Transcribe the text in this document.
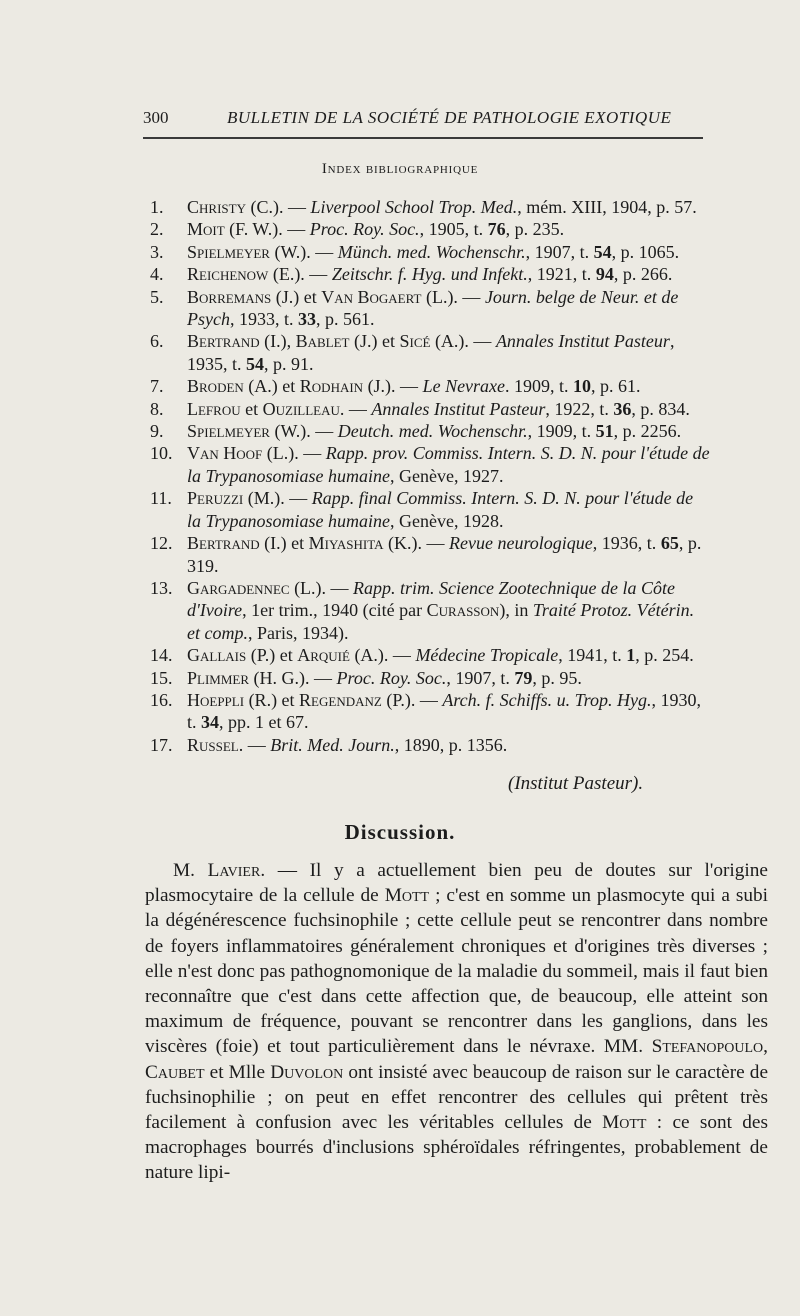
300	BULLETIN DE LA SOCIÉTÉ DE PATHOLOGIE EXOTIQUE
Index bibliographique
1.	Christy (C.). — Liverpool School Trop. Med., mém. XIII, 1904, p. 57.
2.	Moit (F. W.). — Proc. Roy. Soc., 1905, t. 76, p. 235.
3.	Spielmeyer (W.). — Münch. med. Wochenschr., 1907, t. 54, p. 1065.
4.	Reichenow (E.). — Zeitschr. f. Hyg. und Infekt., 1921, t. 94, p. 266.
5.	Borremans (J.) et Van Bogaert (L.). — Journ. belge de Neur. et de Psych, 1933, t. 33, p. 561.
6.	Bertrand (I.), Bablet (J.) et Sicé (A.). — Annales Institut Pasteur, 1935, t. 54, p. 91.
7.	Broden (A.) et Rodhain (J.). — Le Nevraxe. 1909, t. 10, p. 61.
8.	Lefrou et Ouzilleau. — Annales Institut Pasteur, 1922, t. 36, p. 834.
9.	Spielmeyer (W.). — Deutch. med. Wochenschr., 1909, t. 51, p. 2256.
10. Van Hoof (L.). — Rapp. prov. Commiss. Intern. S. D. N. pour l'étude de la Trypanosomiase humaine, Genève, 1927.
11. Peruzzi (M.). — Rapp. final Commiss. Intern. S. D. N. pour l'étude de la Trypanosomiase humaine, Genève, 1928.
12. Bertrand (I.) et Miyashita (K.). — Revue neurologique, 1936, t. 65, p. 319.
13. Gargadennec (L.). — Rapp. trim. Science Zootechnique de la Côte d'Ivoire, 1er trim., 1940 (cité par Curasson), in Traité Protoz. Vétérin. et comp., Paris, 1934).
14. Gallais (P.) et Arquié (A.). — Médecine Tropicale, 1941, t. 1, p. 254.
15. Plimmer (H. G.). — Proc. Roy. Soc., 1907, t. 79, p. 95.
16. Hoeppli (R.) et Regendanz (P.). — Arch. f. Schiffs. u. Trop. Hyg., 1930, t. 34, pp. 1 et 67.
17. Russel. — Brit. Med. Journ., 1890, p. 1356.
(Institut Pasteur).
Discussion.

M. Lavier. — Il y a actuellement bien peu de doutes sur l'origine plasmocytaire de la cellule de Mott ; c'est en somme un plasmocyte qui a subi la dégénérescence fuchsinophile ; cette cellule peut se rencontrer dans nombre de foyers inflammatoires généralement chroniques et d'origines très diverses ; elle n'est donc pas pathognomonique de la maladie du sommeil, mais il faut bien reconnaître que c'est dans cette affection que, de beaucoup, elle atteint son maximum de fréquence, pouvant se rencontrer dans les ganglions, dans les viscères (foie) et tout particulièrement dans le névraxe. MM. Stefanopoulo, Caubet et Mlle Duvolon ont insisté avec beaucoup de raison sur le caractère de fuchsinophilie ; on peut en effet rencontrer des cellules qui prêtent très facilement à confusion avec les véritables cellules de Mott : ce sont des macrophages bourrés d'inclusions sphéroïdales réfringentes, probablement de nature lipi-
